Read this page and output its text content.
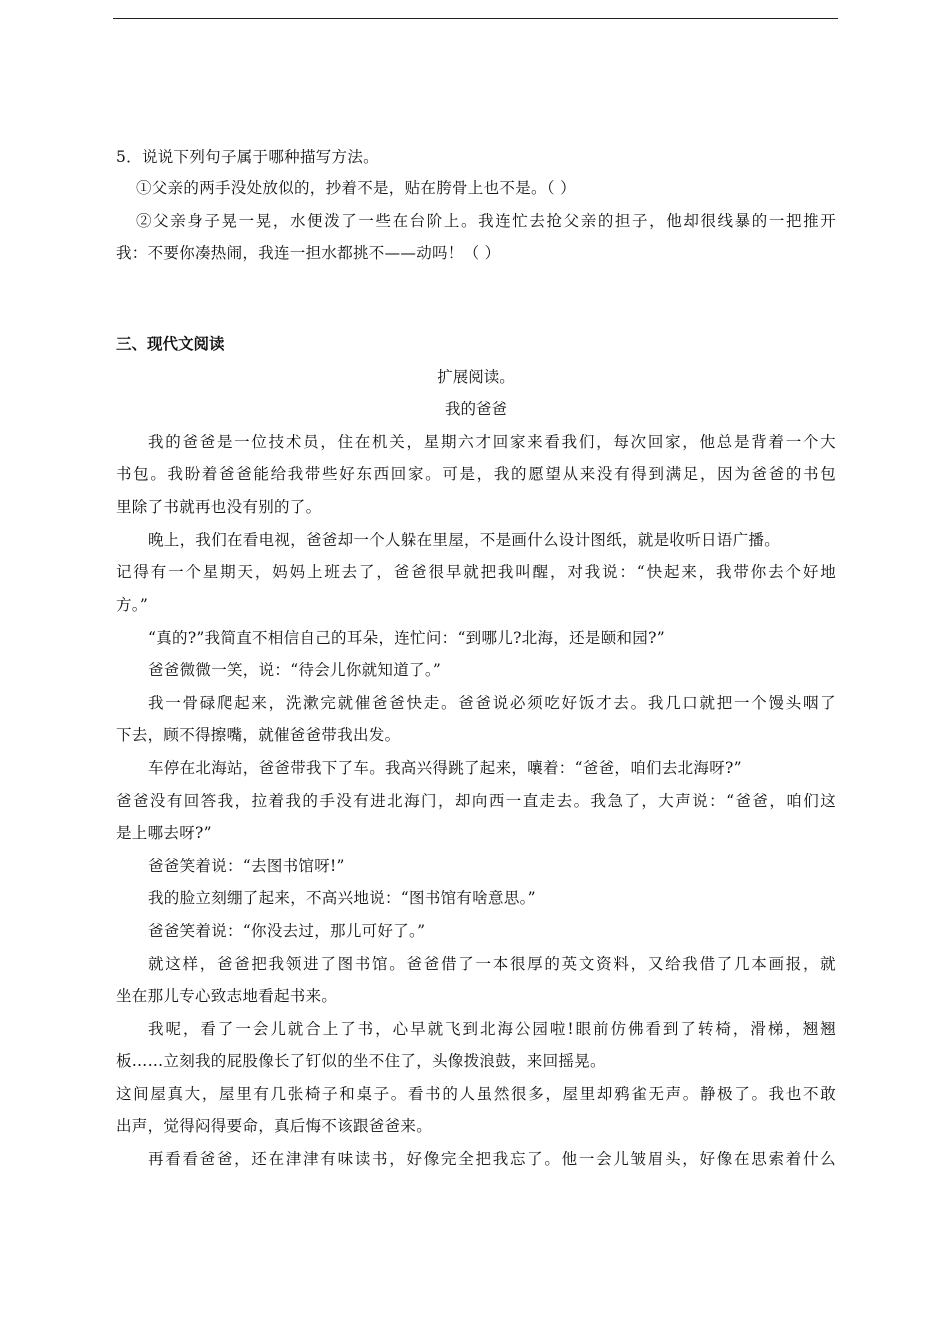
5．说说下列句子属于哪种描写方法。
①父亲的两手没处放似的，抄着不是，贴在胯骨上也不是。（ ）
②父亲身子晃一晃，水便泼了一些在台阶上。我连忙去抢父亲的担子，他却很线暴的一把推开
我：不要你凑热闹，我连一担水都挑不——动吗！（ ）
三、现代文阅读
扩展阅读。
我的爸爸
我的爸爸是一位技术员，住在机关，星期六才回家来看我们，每次回家，他总是背着一个大
书包。我盼着爸爸能给我带些好东西回家。可是，我的愿望从来没有得到满足，因为爸爸的书包
里除了书就再也没有别的了。
晚上，我们在看电视，爸爸却一个人躲在里屋，不是画什么设计图纸，就是收听日语广播。
记得有一个星期天，妈妈上班去了，爸爸很早就把我叫醒，对我说：“快起来，我带你去个好地
方。”
“真的?”我简直不相信自己的耳朵，连忙问：“到哪儿?北海，还是颐和园?”
爸爸微微一笑，说：“待会儿你就知道了。”
我一骨碌爬起来，洗漱完就催爸爸快走。爸爸说必须吃好饭才去。我几口就把一个馒头咽了
下去，顾不得擦嘴，就催爸爸带我出发。
车停在北海站，爸爸带我下了车。我高兴得跳了起来，嚷着：“爸爸，咱们去北海呀?”
爸爸没有回答我，拉着我的手没有进北海门，却向西一直走去。我急了，大声说：“爸爸，咱们这
是上哪去呀?”
爸爸笑着说：“去图书馆呀!”
我的脸立刻绷了起来，不高兴地说：“图书馆有啥意思。”
爸爸笑着说：“你没去过，那儿可好了。”
就这样，爸爸把我领进了图书馆。爸爸借了一本很厚的英文资料，又给我借了几本画报，就
坐在那儿专心致志地看起书来。
我呢，看了一会儿就合上了书，心早就飞到北海公园啦!眼前仿佛看到了转椅，滑梯，翘翘
板……立刻我的屁股像长了钉似的坐不住了，头像拨浪鼓，来回摇晃。
这间屋真大，屋里有几张椅子和桌子。看书的人虽然很多，屋里却鸦雀无声。静极了。我也不敢
出声，觉得闷得要命，真后悔不该跟爸爸来。
再看看爸爸，还在津津有味读书，好像完全把我忘了。他一会儿皱眉头，好像在思索着什么
